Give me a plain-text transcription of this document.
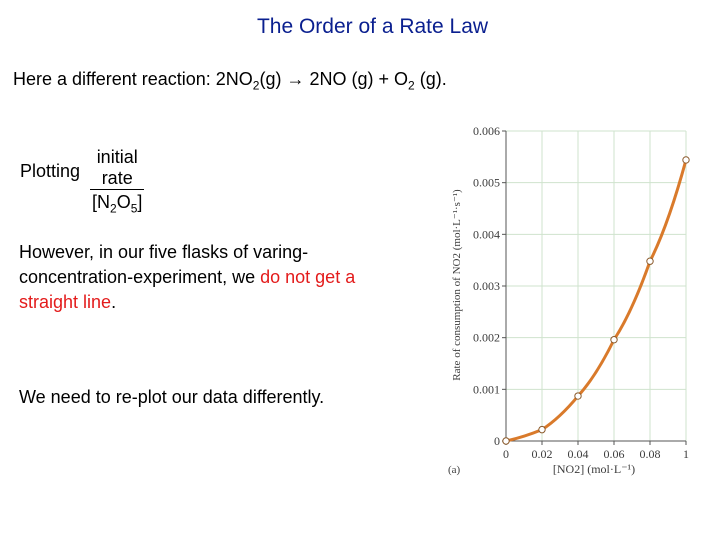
The Order of a Rate Law
Here a different reaction: $2NO_2(g) \to 2NO$ $(g) + O_2$ (g).
Plotting
initial rate
$[N_2O_5]$
However, in our five flasks of varing-concentration-experiment, we do not get a straight line.
We need to re-plot our data differently.
0 0.02 0.04 0.06 0.08 1
0
0.001
0.002
0.003
0.004
0.005
0.006
Rate of consumption of NO2 (mol·L⁻¹·s⁻¹)
[NO2] (mol·L⁻¹)
(a)
